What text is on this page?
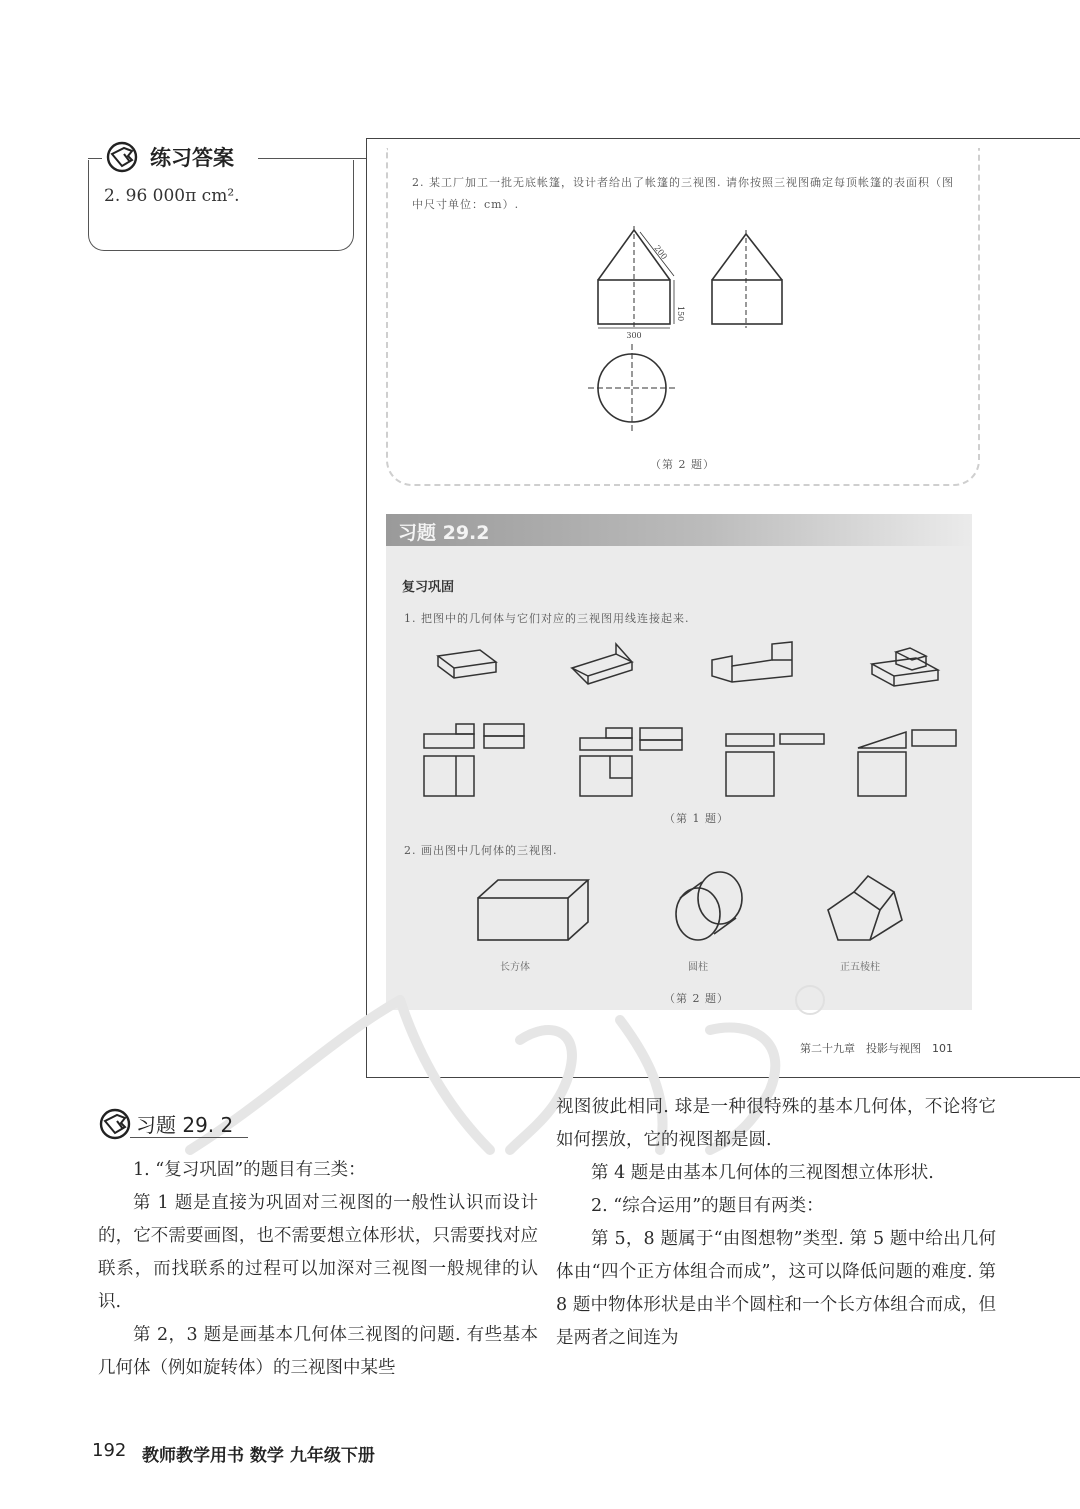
练习答案
2. 96 000π cm².
2. 某工厂加工一批无底帐篷，设计者给出了帐篷的三视图. 请你按照三视图确定每顶帐篷的表面积（图中尺寸单位：cm）.
300
150
200
（第 2 题）
习题 29.2
复习巩固
1. 把图中的几何体与它们对应的三视图用线连接起来.
（第 1 题）
2. 画出图中几何体的三视图.
长方体	圆柱	正五棱柱
（第 2 题）
第二十九章　投影与视图　101
习题 29. 2

1. “复习巩固”的题目有三类：

第 1 题是直接为巩固对三视图的一般性认识而设计的，它不需要画图，也不需要想立体形状，只需要找对应联系，而找联系的过程可以加深对三视图一般规律的认识.

第 2，3 题是画基本几何体三视图的问题. 有些基本几何体（例如旋转体）的三视图中某些

视图彼此相同. 球是一种很特殊的基本几何体，不论将它如何摆放，它的视图都是圆.

第 4 题是由基本几何体的三视图想立体形状.

2. “综合运用”的题目有两类：

第 5，8 题属于“由图想物”类型. 第 5 题中给出几何体由“四个正方体组合而成”，这可以降低问题的难度. 第 8 题中物体形状是由半个圆柱和一个长方体组合而成，但是两者之间连为

192 教师教学用书 数学 九年级下册
